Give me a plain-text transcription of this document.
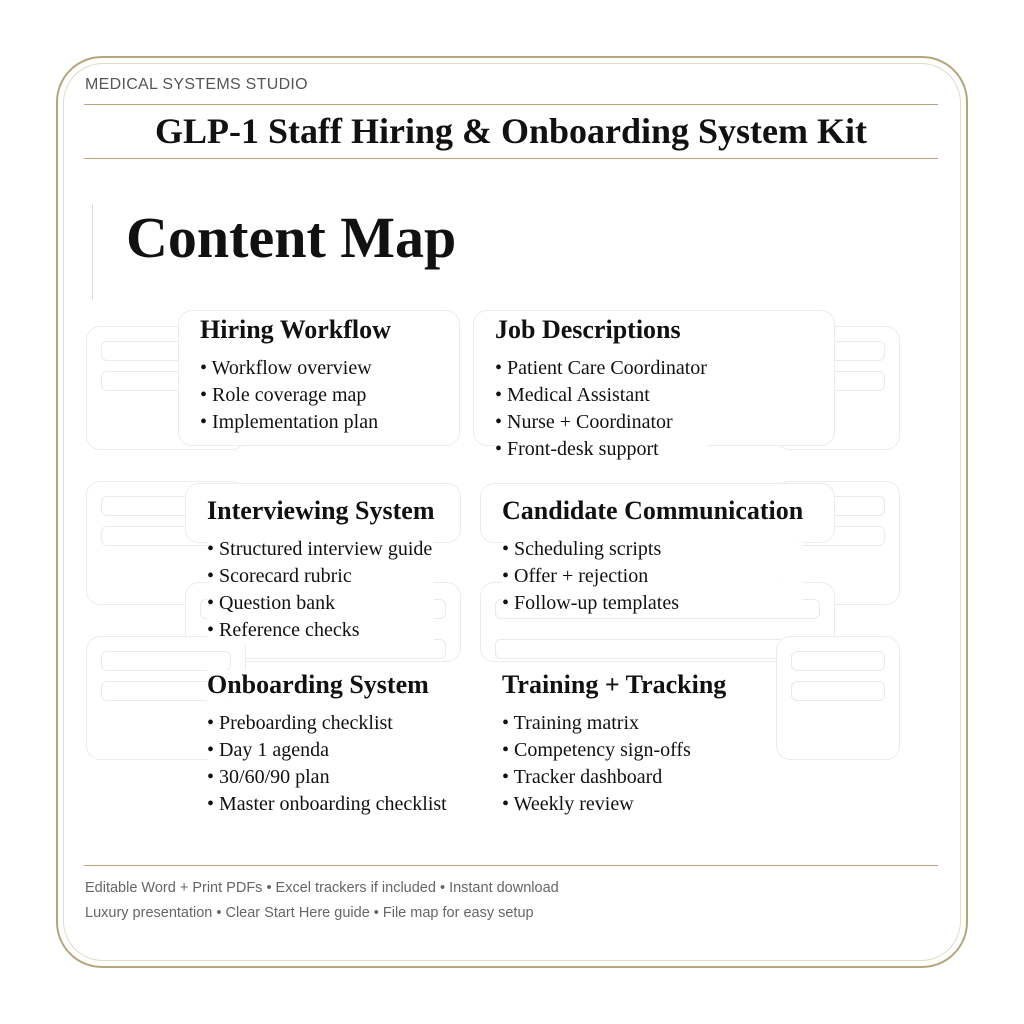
MEDICAL SYSTEMS STUDIO
GLP-1 Staff Hiring & Onboarding System Kit
Content Map
Hiring Workflow
• Workflow overview
• Role coverage map
• Implementation plan
Job Descriptions
• Patient Care Coordinator
• Medical Assistant
• Nurse + Coordinator
• Front-desk support
Interviewing System
• Structured interview guide
• Scorecard rubric
• Question bank
• Reference checks
Candidate Communication
• Scheduling scripts
• Offer + rejection
• Follow-up templates
Onboarding System
• Preboarding checklist
• Day 1 agenda
• 30/60/90 plan
• Master onboarding checklist
Training + Tracking
• Training matrix
• Competency sign-offs
• Tracker dashboard
• Weekly review
Editable Word + Print PDFs • Excel trackers if included • Instant download
Luxury presentation • Clear Start Here guide • File map for easy setup
